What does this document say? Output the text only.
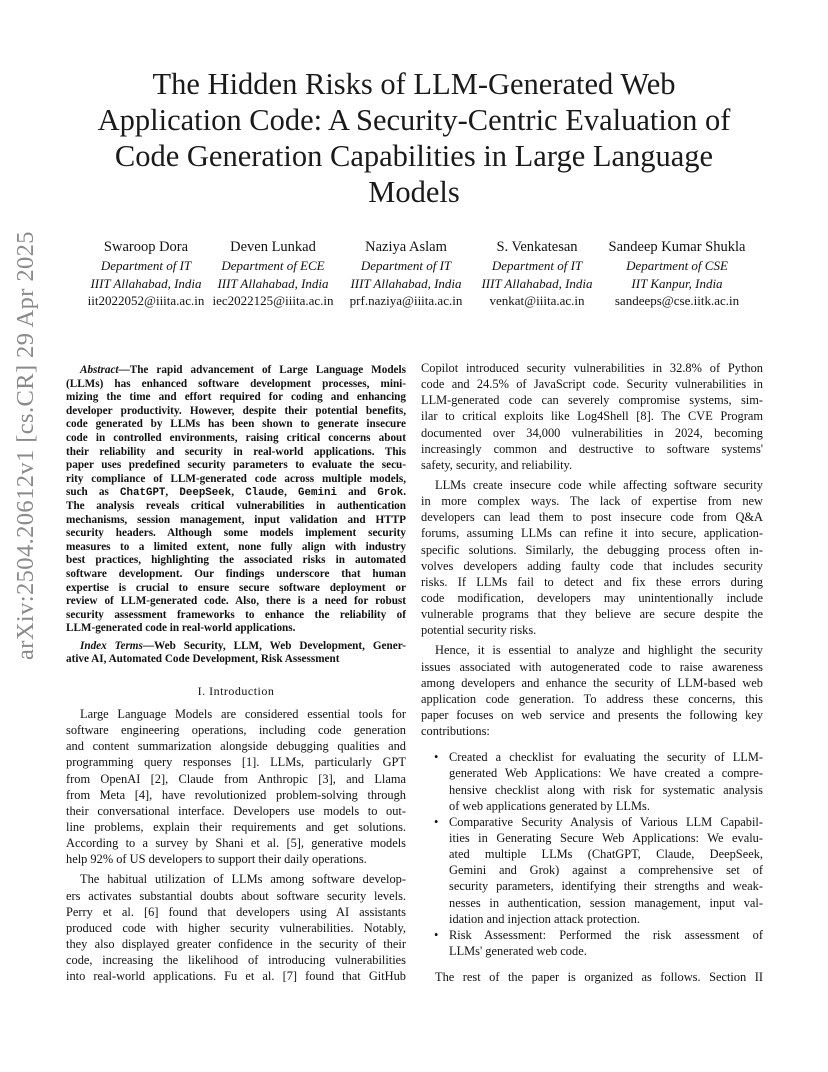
arXiv:2504.20612v1 [cs.CR] 29 Apr 2025
The Hidden Risks of LLM-Generated Web
Application Code: A Security-Centric Evaluation of
Code Generation Capabilities in Large Language
Models
Swaroop Dora
Department of IT
IIIT Allahabad, India
iit2022052@iiita.ac.in
Deven Lunkad
Department of ECE
IIIT Allahabad, India
iec2022125@iiita.ac.in
Naziya Aslam
Department of IT
IIIT Allahabad, India
prf.naziya@iiita.ac.in
S. Venkatesan
Department of IT
IIIT Allahabad, India
venkat@iiita.ac.in
Sandeep Kumar Shukla
Department of CSE
IIT Kanpur, India
sandeeps@cse.iitk.ac.in
Abstract—The rapid advancement of Large Language Models
(LLMs) has enhanced software development processes, mini-
mizing the time and effort required for coding and enhancing
developer productivity. However, despite their potential benefits,
code generated by LLMs has been shown to generate insecure
code in controlled environments, raising critical concerns about
their reliability and security in real-world applications. This
paper uses predefined security parameters to evaluate the secu-
rity compliance of LLM-generated code across multiple models,
such as ChatGPT, DeepSeek, Claude, Gemini and Grok.
The analysis reveals critical vulnerabilities in authentication
mechanisms, session management, input validation and HTTP
security headers. Although some models implement security
measures to a limited extent, none fully align with industry
best practices, highlighting the associated risks in automated
software development. Our findings underscore that human
expertise is crucial to ensure secure software deployment or
review of LLM-generated code. Also, there is a need for robust
security assessment frameworks to enhance the reliability of
LLM-generated code in real-world applications.
Index Terms—Web Security, LLM, Web Development, Gener-
ative AI, Automated Code Development, Risk Assessment
I. Introduction
Large Language Models are considered essential tools for
software engineering operations, including code generation
and content summarization alongside debugging qualities and
programming query responses [1]. LLMs, particularly GPT
from OpenAI [2], Claude from Anthropic [3], and Llama
from Meta [4], have revolutionized problem-solving through
their conversational interface. Developers use models to out-
line problems, explain their requirements and get solutions.
According to a survey by Shani et al. [5], generative models
help 92% of US developers to support their daily operations.
The habitual utilization of LLMs among software develop-
ers activates substantial doubts about software security levels.
Perry et al. [6] found that developers using AI assistants
produced code with higher security vulnerabilities. Notably,
they also displayed greater confidence in the security of their
code, increasing the likelihood of introducing vulnerabilities
into real-world applications. Fu et al. [7] found that GitHub
Copilot introduced security vulnerabilities in 32.8% of Python
code and 24.5% of JavaScript code. Security vulnerabilities in
LLM-generated code can severely compromise systems, sim-
ilar to critical exploits like Log4Shell [8]. The CVE Program
documented over 34,000 vulnerabilities in 2024, becoming
increasingly common and destructive to software systems'
safety, security, and reliability.
LLMs create insecure code while affecting software security
in more complex ways. The lack of expertise from new
developers can lead them to post insecure code from Q&A
forums, assuming LLMs can refine it into secure, application-
specific solutions. Similarly, the debugging process often in-
volves developers adding faulty code that includes security
risks. If LLMs fail to detect and fix these errors during
code modification, developers may unintentionally include
vulnerable programs that they believe are secure despite the
potential security risks.
Hence, it is essential to analyze and highlight the security
issues associated with autogenerated code to raise awareness
among developers and enhance the security of LLM-based web
application code generation. To address these concerns, this
paper focuses on web service and presents the following key
contributions:
• Created a checklist for evaluating the security of LLM-
generated Web Applications: We have created a compre-
hensive checklist along with risk for systematic analysis
of web applications generated by LLMs.
• Comparative Security Analysis of Various LLM Capabil-
ities in Generating Secure Web Applications: We evalu-
ated multiple LLMs (ChatGPT, Claude, DeepSeek,
Gemini and Grok) against a comprehensive set of
security parameters, identifying their strengths and weak-
nesses in authentication, session management, input val-
idation and injection attack protection.
• Risk Assessment: Performed the risk assessment of
LLMs' generated web code.
The rest of the paper is organized as follows. Section II
